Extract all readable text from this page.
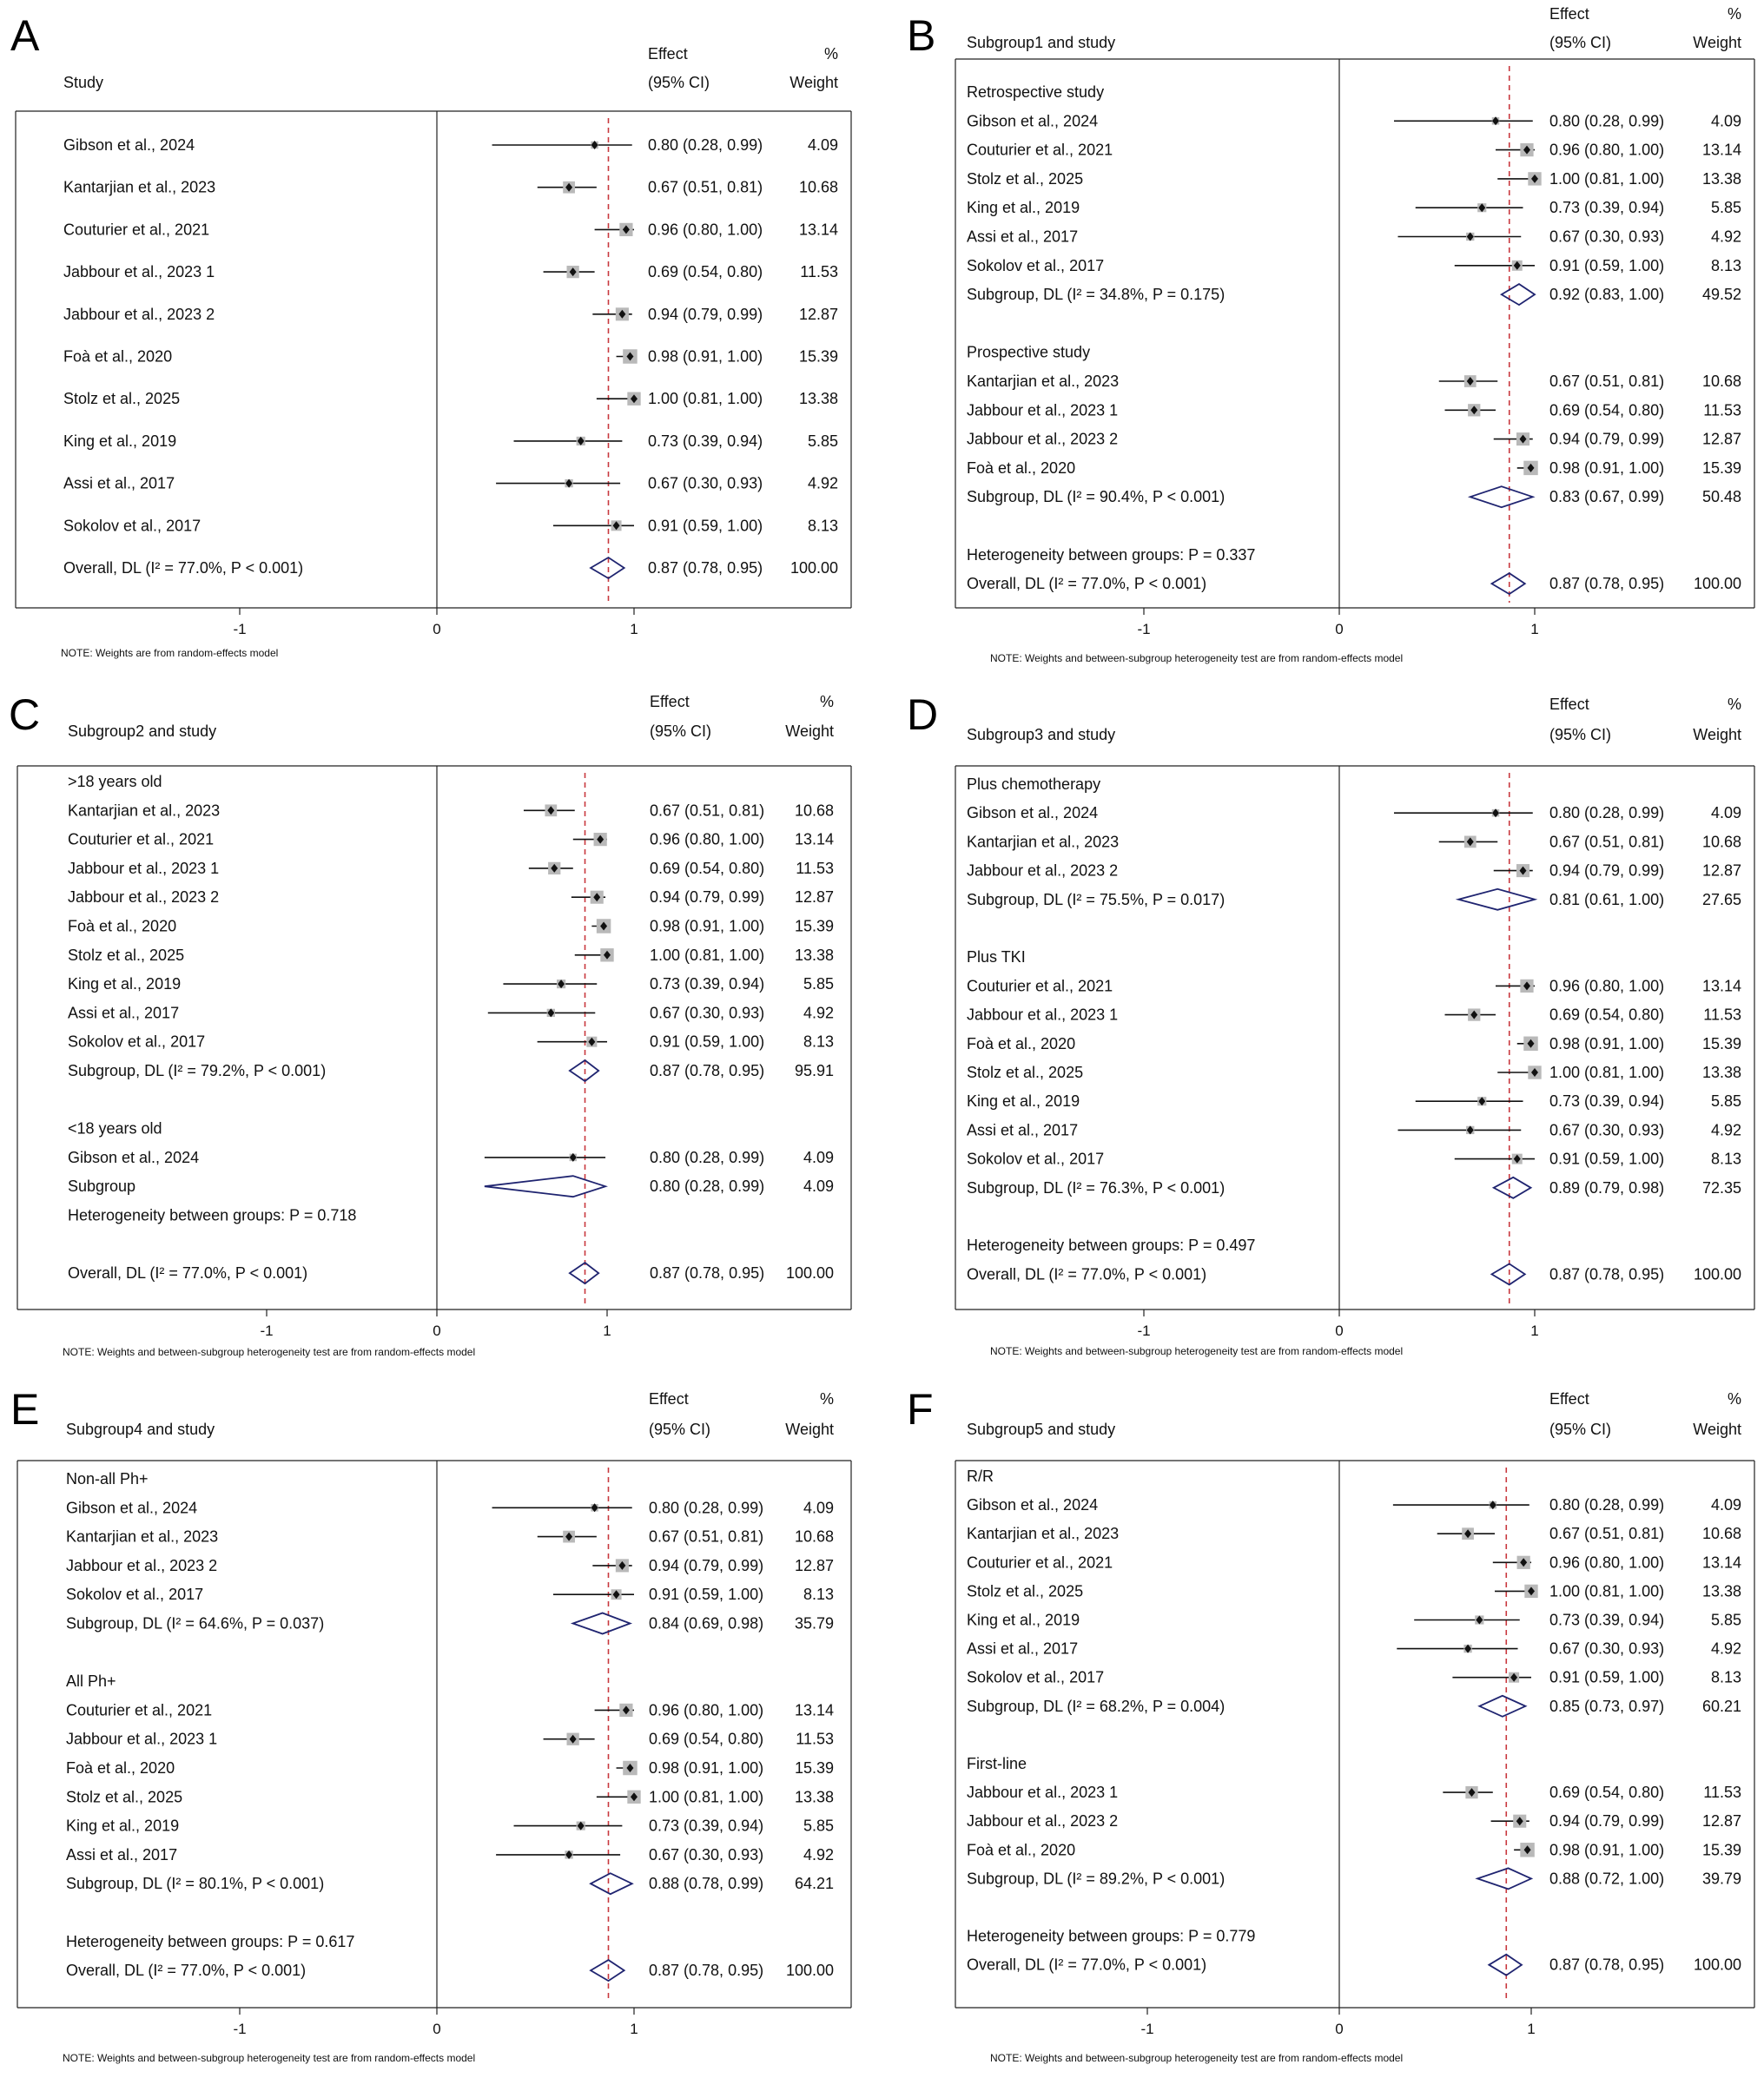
A
Study
Effect
(95% CI)
%
Weight
-1	0	1
NOTE: Weights are from random-effects model
Gibson et al., 2024	0.80 (0.28, 0.99)	4.09
Kantarjian et al., 2023	0.67 (0.51, 0.81) 10.68
Couturier et al., 2021	0.96 (0.80, 1.00) 13.14
Jabbour et al., 2023 1	0.69 (0.54, 0.80) 11.53
Jabbour et al., 2023 2	0.94 (0.79, 0.99) 12.87
Foà et al., 2020	0.98 (0.91, 1.00) 15.39
Stolz et al., 2025	1.00 (0.81, 1.00) 13.38
King et al., 2019	0.73 (0.39, 0.94)	5.85
Assi et al., 2017	0.67 (0.30, 0.93)	4.92
Sokolov et al., 2017	0.91 (0.59, 1.00)	8.13
Overall, DL (I² = 77.0%, P < 0.001)	0.87 (0.78, 0.95) 100.00
B Subgroup1 and study
Effect
(95% CI)
%
Weight
-1	0	1
NOTE: Weights and between-subgroup heterogeneity test are from random-effects model
Retrospective study
Gibson et al., 2024	0.80 (0.28, 0.99)	4.09
Couturier et al., 2021	0.96 (0.80, 1.00) 13.14
Stolz et al., 2025	1.00 (0.81, 1.00) 13.38
King et al., 2019	0.73 (0.39, 0.94)	5.85
Assi et al., 2017	0.67 (0.30, 0.93)	4.92
Sokolov et al., 2017	0.91 (0.59, 1.00)	8.13
Subgroup, DL (I² = 34.8%, P = 0.175)	0.92 (0.83, 1.00) 49.52
Prospective study
Kantarjian et al., 2023	0.67 (0.51, 0.81) 10.68
Jabbour et al., 2023 1	0.69 (0.54, 0.80)	11.53
Jabbour et al., 2023 2	0.94 (0.79, 0.99) 12.87
Foà et al., 2020	0.98 (0.91, 1.00) 15.39
Subgroup, DL (I² = 90.4%, P < 0.001)	0.83 (0.67, 0.99) 50.48
Heterogeneity between groups: P = 0.337
Overall, DL (I² = 77.0%, P < 0.001)	0.87 (0.78, 0.95) 100.00
C Subgroup2 and study
Effect
(95% CI)
%
Weight
-1	0	1
NOTE: Weights and between-subgroup heterogeneity test are from random-effects model
>18 years old
Kantarjian et al., 2023	0.67 (0.51, 0.81) 10.68
Couturier et al., 2021	0.96 (0.80, 1.00) 13.14
Jabbour et al., 2023 1	0.69 (0.54, 0.80) 11.53
Jabbour et al., 2023 2	0.94 (0.79, 0.99) 12.87
Foà et al., 2020	0.98 (0.91, 1.00) 15.39
Stolz et al., 2025	1.00 (0.81, 1.00) 13.38
King et al., 2019	0.73 (0.39, 0.94) 5.85
Assi et al., 2017	0.67 (0.30, 0.93) 4.92
Sokolov et al., 2017	0.91 (0.59, 1.00) 8.13
Subgroup, DL (I² = 79.2%, P < 0.001)	0.87 (0.78, 0.95) 95.91
<18 years old
Gibson et al., 2024	0.80 (0.28, 0.99) 4.09
Subgroup	0.80 (0.28, 0.99) 4.09
Heterogeneity between groups: P = 0.718
Overall, DL (I² = 77.0%, P < 0.001)	0.87 (0.78, 0.95) 100.00
D Subgroup3 and study
Effect
(95% CI)
%
Weight
-1	0	1
NOTE: Weights and between-subgroup heterogeneity test are from random-effects model
Plus chemotherapy
Gibson et al., 2024	0.80 (0.28, 0.99)	4.09
Kantarjian et al., 2023	0.67 (0.51, 0.81) 10.68
Jabbour et al., 2023 2	0.94 (0.79, 0.99) 12.87
Subgroup, DL (I² = 75.5%, P = 0.017)	0.81 (0.61, 1.00) 27.65
Plus TKI
Couturier et al., 2021	0.96 (0.80, 1.00) 13.14
Jabbour et al., 2023 1	0.69 (0.54, 0.80)	11.53
Foà et al., 2020	0.98 (0.91, 1.00) 15.39
Stolz et al., 2025	1.00 (0.81, 1.00) 13.38
King et al., 2019	0.73 (0.39, 0.94)	5.85
Assi et al., 2017	0.67 (0.30, 0.93)	4.92
Sokolov et al., 2017	0.91 (0.59, 1.00)	8.13
Subgroup, DL (I² = 76.3%, P < 0.001)	0.89 (0.79, 0.98) 72.35
Heterogeneity between groups: P = 0.497
Overall, DL (I² = 77.0%, P < 0.001)	0.87 (0.78, 0.95) 100.00
E Subgroup4 and study
Effect
(95% CI)
%
Weight
-1	0	1
NOTE: Weights and between-subgroup heterogeneity test are from random-effects model
Non-all Ph+
Gibson et al., 2024	0.80 (0.28, 0.99)	4.09
Kantarjian et al., 2023	0.67 (0.51, 0.81) 10.68
Jabbour et al., 2023 2	0.94 (0.79, 0.99) 12.87
Sokolov et al., 2017	0.91 (0.59, 1.00)	8.13
Subgroup, DL (I² = 64.6%, P = 0.037)	0.84 (0.69, 0.98) 35.79
All Ph+
Couturier et al., 2021	0.96 (0.80, 1.00) 13.14
Jabbour et al., 2023 1	0.69 (0.54, 0.80) 11.53
Foà et al., 2020	0.98 (0.91, 1.00) 15.39
Stolz et al., 2025	1.00 (0.81, 1.00) 13.38
King et al., 2019	0.73 (0.39, 0.94)	5.85
Assi et al., 2017	0.67 (0.30, 0.93)	4.92
Subgroup, DL (I² = 80.1%, P < 0.001)	0.88 (0.78, 0.99) 64.21
Heterogeneity between groups: P = 0.617
Overall, DL (I² = 77.0%, P < 0.001)	0.87 (0.78, 0.95) 100.00
F Subgroup5 and study
Effect
(95% CI)
%
Weight
-1	0	1
NOTE: Weights and between-subgroup heterogeneity test are from random-effects model
R/R
Gibson et al., 2024	0.80 (0.28, 0.99)	4.09
Kantarjian et al., 2023	0.67 (0.51, 0.81) 10.68
Couturier et al., 2021	0.96 (0.80, 1.00) 13.14
Stolz et al., 2025	1.00 (0.81, 1.00) 13.38
King et al., 2019	0.73 (0.39, 0.94)	5.85
Assi et al., 2017	0.67 (0.30, 0.93)	4.92
Sokolov et al., 2017	0.91 (0.59, 1.00)	8.13
Subgroup, DL (I² = 68.2%, P = 0.004)	0.85 (0.73, 0.97) 60.21
First-line
Jabbour et al., 2023 1	0.69 (0.54, 0.80)	11.53
Jabbour et al., 2023 2	0.94 (0.79, 0.99) 12.87
Foà et al., 2020	0.98 (0.91, 1.00) 15.39
Subgroup, DL (I² = 89.2%, P < 0.001)	0.88 (0.72, 1.00) 39.79
Heterogeneity between groups: P = 0.779
Overall, DL (I² = 77.0%, P < 0.001)	0.87 (0.78, 0.95) 100.00
